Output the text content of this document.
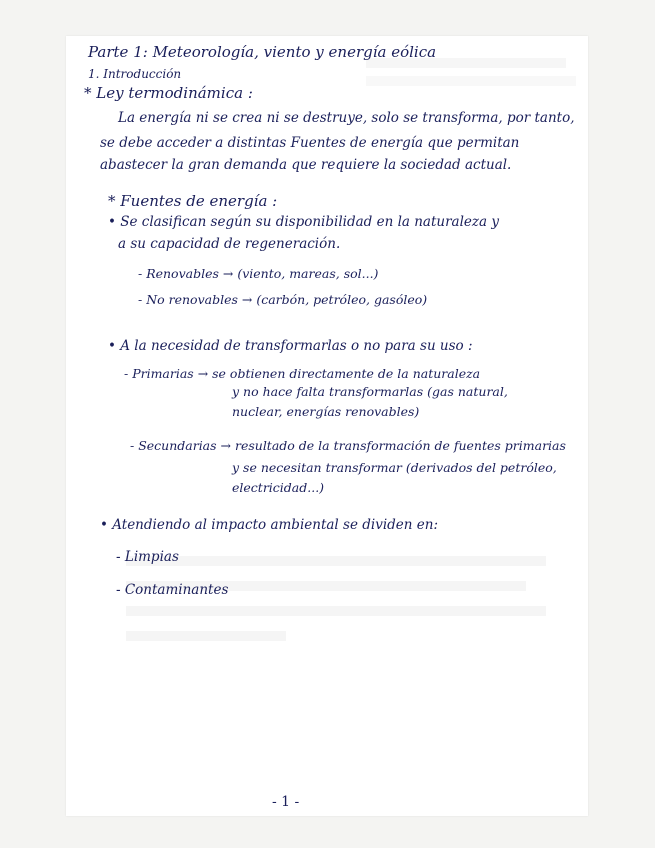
Parte 1: Meteorología, viento y energía eólica
1. Introducción
* Ley termodinámica :
La energía ni se crea ni se destruye, solo se transforma, por tanto,
se debe acceder a distintas Fuentes de energía que permitan
abastecer la gran demanda que requiere la sociedad actual.
* Fuentes de energía :
• Se clasifican según su disponibilidad en la naturaleza y
a su capacidad de regeneración.
- Renovables → (viento, mareas, sol...)
- No renovables → (carbón, petróleo, gasóleo)
• A la necesidad de transformarlas o no para su uso :
- Primarias → se obtienen directamente de la naturaleza
y no hace falta transformarlas (gas natural,
nuclear, energías renovables)
- Secundarias → resultado de la transformación de fuentes primarias
y se necesitan transformar (derivados del petróleo,
electricidad...)
• Atendiendo al impacto ambiental se dividen en:
- Limpias
- Contaminantes
- 1 -
